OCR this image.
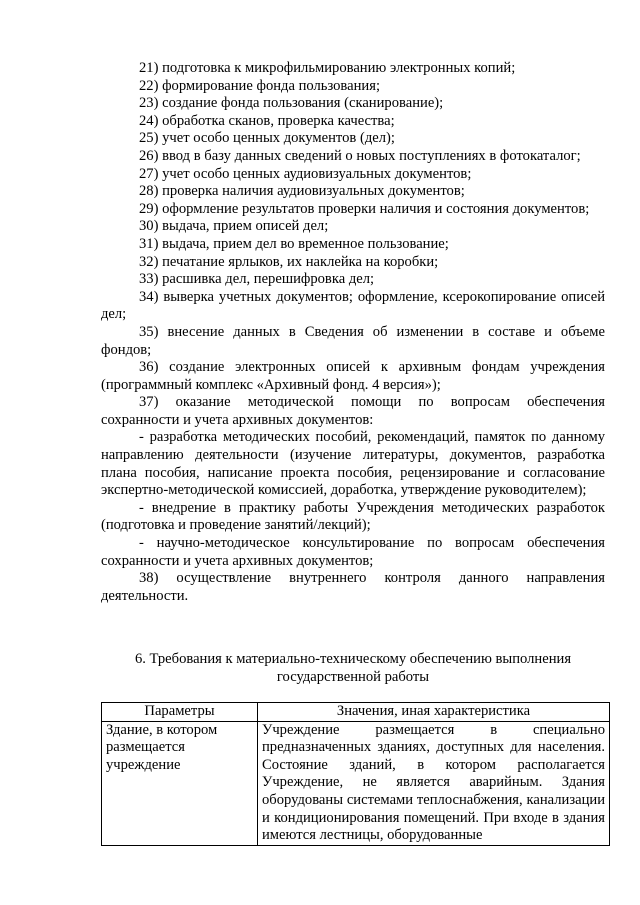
21) подготовка к микрофильмированию электронных копий;

22) формирование фонда пользования;

23) создание фонда пользования (сканирование);

24) обработка сканов, проверка качества;

25) учет особо ценных документов (дел);

26) ввод в базу данных сведений о новых поступлениях в фотокаталог;

27) учет особо ценных аудиовизуальных документов;

28) проверка наличия аудиовизуальных документов;

29) оформление результатов проверки наличия и состояния документов;

30) выдача, прием описей дел;

31) выдача, прием дел во временное пользование;

32) печатание ярлыков, их наклейка на коробки;

33) расшивка дел, перешифровка дел;

34) выверка учетных документов; оформление, ксерокопирование описей дел;

35) внесение данных в Сведения об изменении в составе и объеме фондов;

36) создание электронных описей к архивным фондам учреждения (программный комплекс «Архивный фонд. 4 версия»);

37) оказание методической помощи по вопросам обеспечения сохранности и учета архивных документов:

- разработка методических пособий, рекомендаций, памяток по данному направлению деятельности (изучение литературы, документов, разработка плана пособия, написание проекта пособия, рецензирование и согласование экспертно-методической комиссией, доработка, утверждение руководителем);

- внедрение в практику работы Учреждения методических разработок (подготовка и проведение занятий/лекций);

- научно-методическое консультирование по вопросам обеспечения сохранности и учета архивных документов;

38) осуществление внутреннего контроля данного направления деятельности.

6. Требования к материально-техническому обеспечению выполнения
государственной работы
Параметры	Значения, иная характеристика
Здание, в котором размещается учреждение	Учреждение размещается в специально предназначенных зданиях, доступных для населения. Состояние зданий, в котором располагается Учреждение, не является аварийным. Здания оборудованы системами теплоснабжения, канализации и кондиционирования помещений. При входе в здания имеются лестницы, оборудованные
